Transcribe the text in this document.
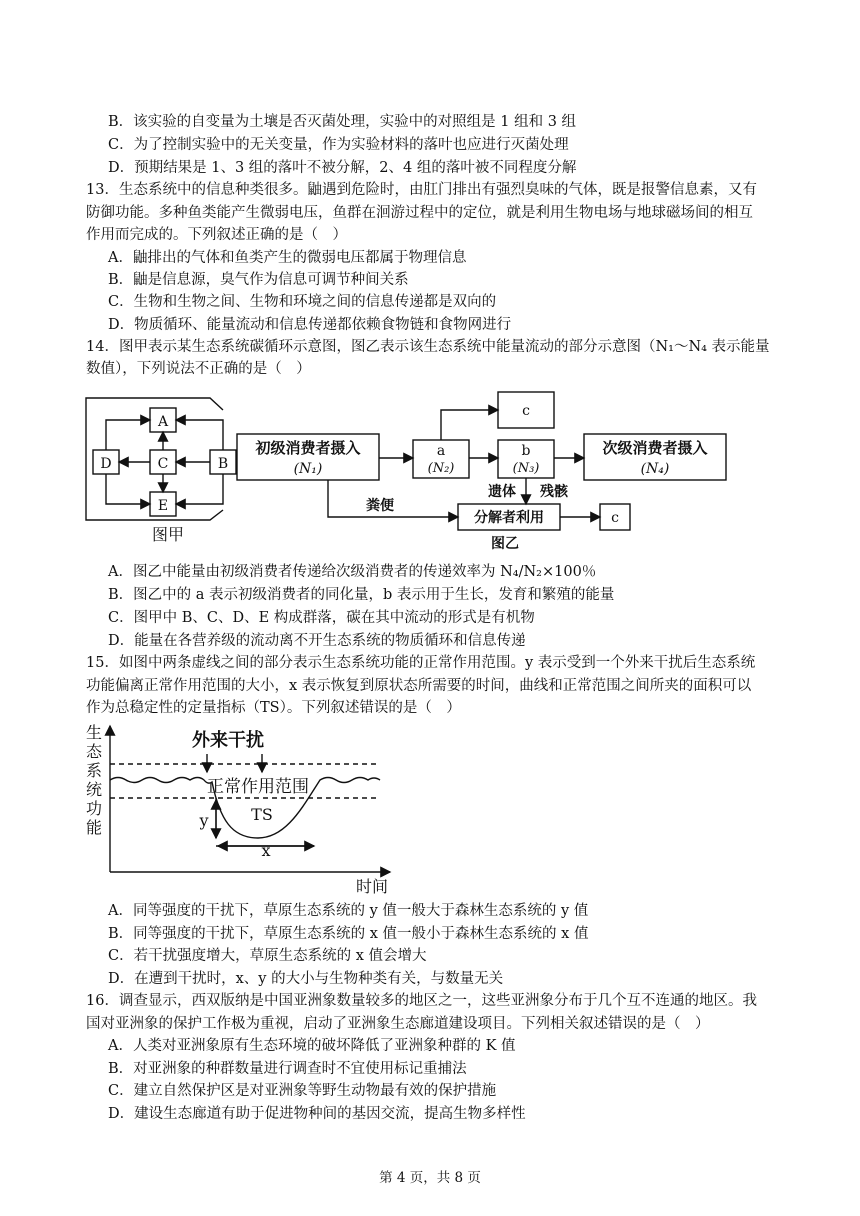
B．该实验的自变量为土壤是否灭菌处理，实验中的对照组是 1 组和 3 组
C．为了控制实验中的无关变量，作为实验材料的落叶也应进行灭菌处理
D．预期结果是 1、3 组的落叶不被分解，2、4 组的落叶被不同程度分解
13．生态系统中的信息种类很多。鼬遇到危险时，由肛门排出有强烈臭味的气体，既是报警信息素，又有
防御功能。多种鱼类能产生微弱电压，鱼群在洄游过程中的定位，就是利用生物电场与地球磁场间的相互
作用而完成的。下列叙述正确的是（　）
A．鼬排出的气体和鱼类产生的微弱电压都属于物理信息
B．鼬是信息源，臭气作为信息可调节种间关系
C．生物和生物之间、生物和环境之间的信息传递都是双向的
D．物质循环、能量流动和信息传递都依赖食物链和食物网进行
14．图甲表示某生态系统碳循环示意图，图乙表示该生态系统中能量流动的部分示意图（N₁～N₄ 表示能量
数值），下列说法不正确的是（　）
A
B
C
D
E
图甲
初级消费者摄入
(N₁)
a
(N₂)
b
(N₃)
次级消费者摄入
(N₄)
c
c
粪便
遗体 残骸
分解者利用
图乙
A．图乙中能量由初级消费者传递给次级消费者的传递效率为 N₄/N₂×100％
B．图乙中的 a 表示初级消费者的同化量，b 表示用于生长，发育和繁殖的能量
C．图甲中 B、C、D、E 构成群落，碳在其中流动的形式是有机物
D．能量在各营养级的流动离不开生态系统的物质循环和信息传递
15．如图中两条虚线之间的部分表示生态系统功能的正常作用范围。y 表示受到一个外来干扰后生态系统
功能偏离正常作用范围的大小，x 表示恢复到原状态所需要的时间，曲线和正常范围之间所夹的面积可以
作为总稳定性的定量指标（TS）。下列叙述错误的是（　）
生
态
系
统
功
能
外来干扰
正常作用范围
TS
y
x
时间
A．同等强度的干扰下，草原生态系统的 y 值一般大于森林生态系统的 y 值
B．同等强度的干扰下，草原生态系统的 x 值一般小于森林生态系统的 x 值
C．若干扰强度增大，草原生态系统的 x 值会增大
D．在遭到干扰时，x、y 的大小与生物种类有关，与数量无关
16．调查显示，西双版纳是中国亚洲象数量较多的地区之一，这些亚洲象分布于几个互不连通的地区。我
国对亚洲象的保护工作极为重视，启动了亚洲象生态廊道建设项目。下列相关叙述错误的是（　）
A．人类对亚洲象原有生态环境的破坏降低了亚洲象种群的 K 值
B．对亚洲象的种群数量进行调查时不宜使用标记重捕法
C．建立自然保护区是对亚洲象等野生动物最有效的保护措施
D．建设生态廊道有助于促进物种间的基因交流，提高生物多样性
第 4 页，共 8 页
